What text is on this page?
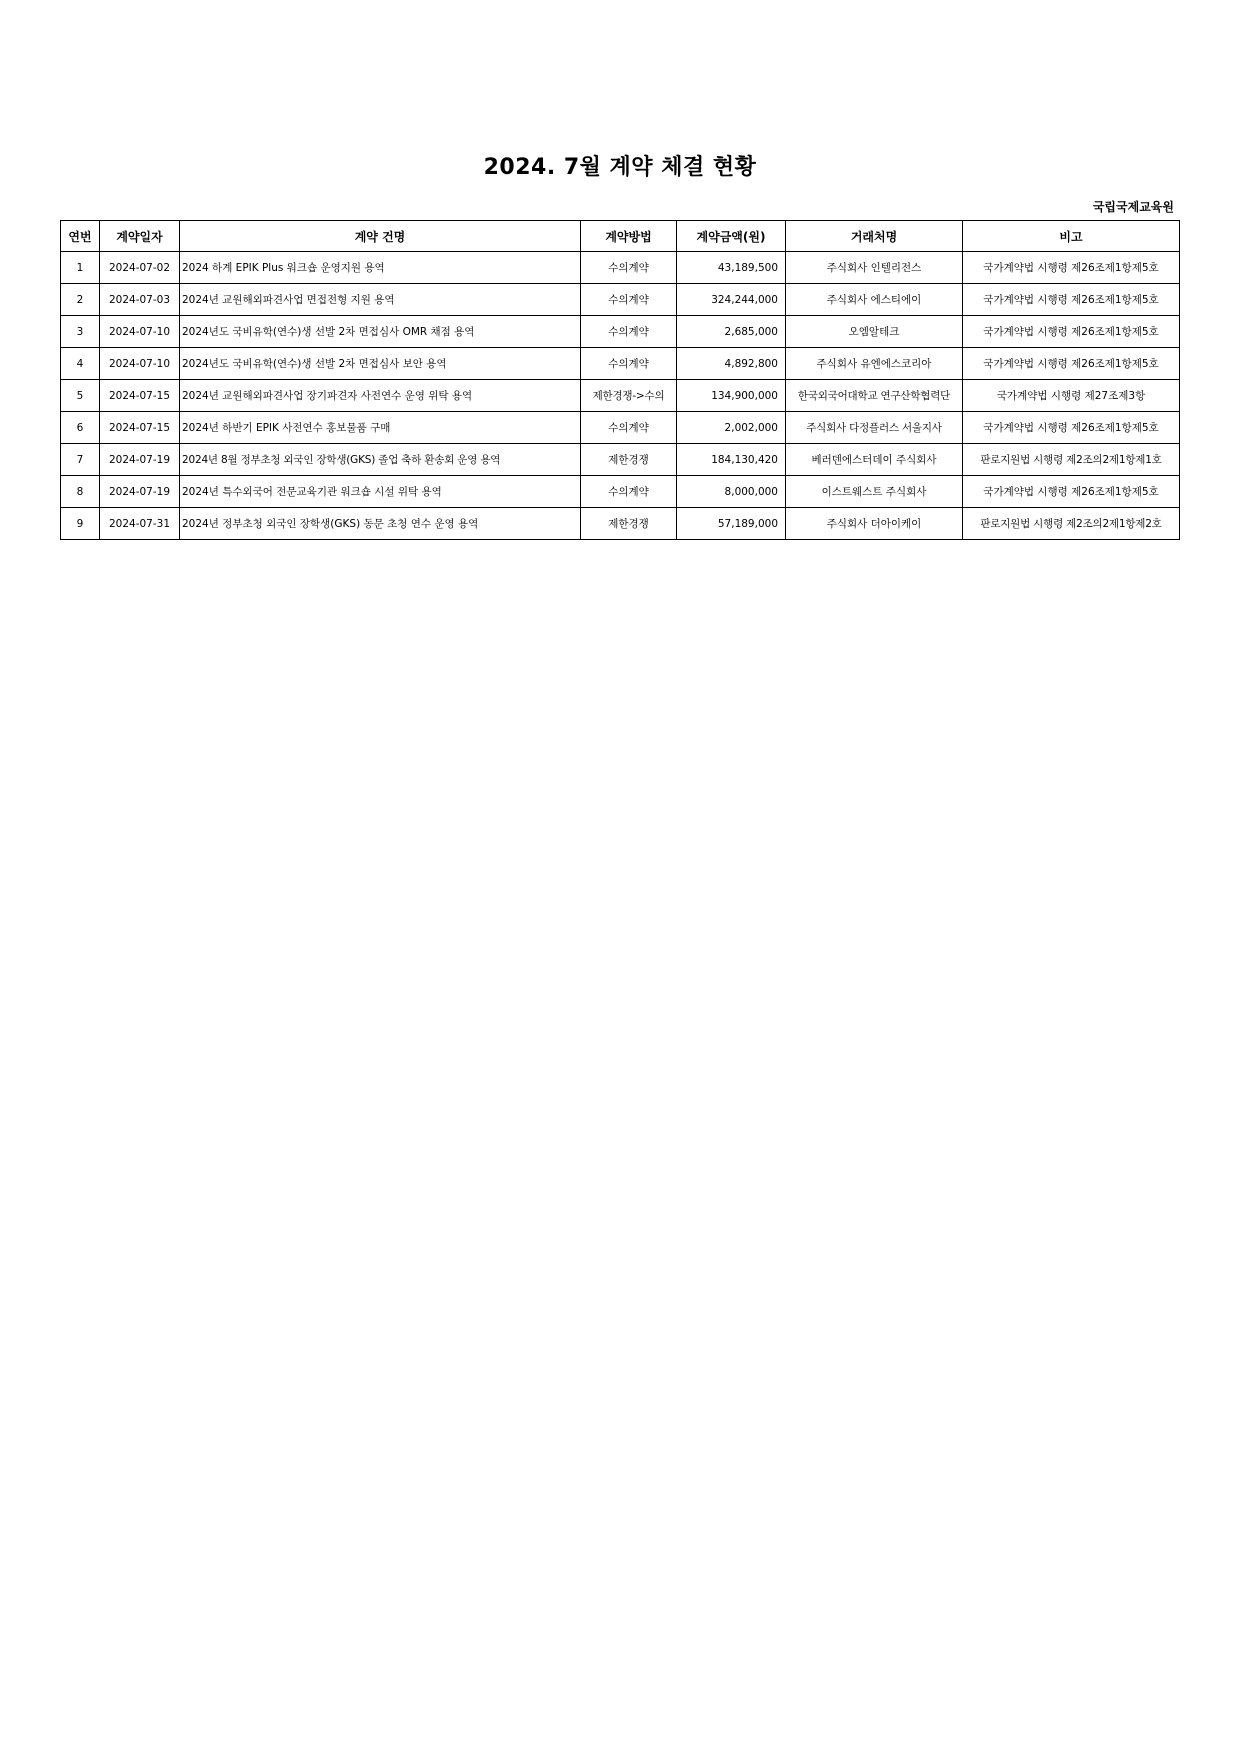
2024. 7월 계약 체결 현황
국립국제교육원
연번	계약일자	계약 건명	계약방법	계약금액(원)	거래처명	비고
1	2024-07-02	2024 하계 EPIK Plus 워크숍 운영지원 용역	수의계약	43,189,500	주식회사 인텔리전스	국가계약법 시행령 제26조제1항제5호
2	2024-07-03	2024년 교원해외파견사업 면접전형 지원 용역	수의계약	324,244,000	주식회사 에스티에이	국가계약법 시행령 제26조제1항제5호
3	2024-07-10	2024년도 국비유학(연수)생 선발 2차 면접심사 OMR 채점 용역	수의계약	2,685,000	오엠알테크	국가계약법 시행령 제26조제1항제5호
4	2024-07-10	2024년도 국비유학(연수)생 선발 2차 면접심사 보안 용역	수의계약	4,892,800	주식회사 유엔에스코리아	국가계약법 시행령 제26조제1항제5호
5	2024-07-15	2024년 교원해외파견사업 장기파견자 사전연수 운영 위탁 용역	제한경쟁->수의	134,900,000	한국외국어대학교 연구산학협력단	국가계약법 시행령 제27조제3항
6	2024-07-15	2024년 하반기 EPIK 사전연수 홍보물품 구매	수의계약	2,002,000	주식회사 다정플러스 서울지사	국가계약법 시행령 제26조제1항제5호
7	2024-07-19	2024년 8월 정부초청 외국인 장학생(GKS) 졸업 축하 환송회 운영 용역	제한경쟁	184,130,420	베러덴에스터데이 주식회사	판로지원법 시행령 제2조의2제1항제1호
8	2024-07-19	2024년 특수외국어 전문교육기관 워크숍 시설 위탁 용역	수의계약	8,000,000	이스트웨스트 주식회사	국가계약법 시행령 제26조제1항제5호
9	2024-07-31	2024년 정부초청 외국인 장학생(GKS) 동문 초청 연수 운영 용역	제한경쟁	57,189,000	주식회사 더아이케이	판로지원법 시행령 제2조의2제1항제2호
